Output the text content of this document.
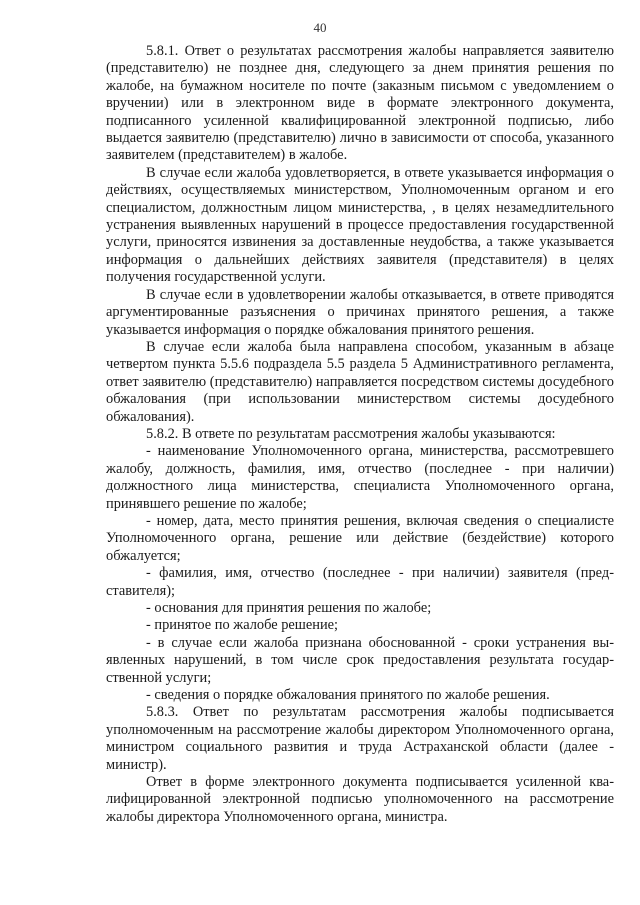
40

5.8.1. Ответ о результатах рассмотрения жалобы направляется заявителю (представителю) не позднее дня, следующего за днем принятия решения по жалобе, на бумажном носителе по почте (заказным письмом с уведомлением о вручении) или в электронном виде в формате электронного документа, подписанного усиленной квалифицированной электронной подписью, либо выдается заявителю (представителю) лично в зависимости от способа, указанного заявителем (представителем) в жалобе.

В случае если жалоба удовлетворяется, в ответе указывается информация о действиях, осуществляемых министерством, Уполномоченным органом и его специалистом, должностным лицом министерства, , в целях незамедлительного устранения выявленных нарушений в процессе предоставления государственной услуги, приносятся извинения за доставленные неудобства, а также указывается информация о дальнейших действиях заявителя (представителя) в целях получения государственной услуги.

В случае если в удовлетворении жалобы отказывается, в ответе приводятся аргументированные разъяснения о причинах принятого решения, а также указывается информация о порядке обжалования принятого решения.

В случае если жалоба была направлена способом, указанным в абзаце четвертом пункта 5.5.6 подраздела 5.5 раздела 5 Административного регламента, ответ заявителю (представителю) направляется посредством системы досудебного обжалования (при использовании министерством системы досудебного обжалования).

5.8.2. В ответе по результатам рассмотрения жалобы указываются:

- наименование Уполномоченного органа, министерства, рассмотревшего жалобу, должность, фамилия, имя, отчество (последнее - при наличии) должностного лица министерства, специалиста Уполномоченного органа, принявшего решение по жалобе;

- номер, дата, место принятия решения, включая сведения о специалисте Уполномоченного органа, решение или действие (бездействие) которого обжалуется;

- фамилия, имя, отчество (последнее - при наличии) заявителя (представителя);

- основания для принятия решения по жалобе;

- принятое по жалобе решение;

- в случае если жалоба признана обоснованной - сроки устранения выявленных нарушений, в том числе срок предоставления результата государственной услуги;

- сведения о порядке обжалования принятого по жалобе решения.

5.8.3. Ответ по результатам рассмотрения жалобы подписывается уполномоченным на рассмотрение жалобы директором Уполномоченного органа, министром социального развития и труда Астраханской области (далее - министр).

Ответ в форме электронного документа подписывается усиленной квалифицированной электронной подписью уполномоченного на рассмотрение жалобы директора Уполномоченного органа, министра.
